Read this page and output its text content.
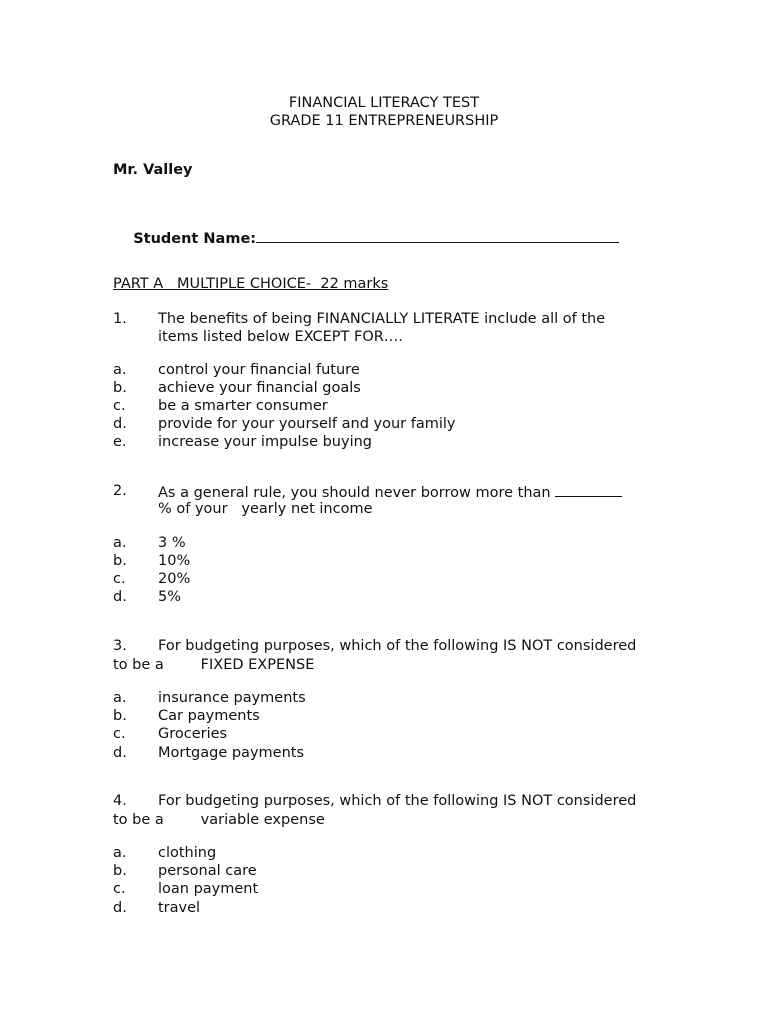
FINANCIAL LITERACY TEST
GRADE 11 ENTREPRENEURSHIP
Mr. Valley

Student Name:

PART A   MULTIPLE CHOICE-  22 marks
1. The benefits of being FINANCIALLY LITERATE include all of the
items listed below EXCEPT FOR….
a. control your financial future
b. achieve your financial goals
c. be a smarter consumer
d. provide for your yourself and your family
e. increase your impulse buying
2. As a general rule, you should never borrow more than
% of your   yearly net income
a. 3 %
b. 10%
c. 20%
d. 5%
3. For budgeting purposes, which of the following IS NOT considered
to be a        FIXED EXPENSE
a. insurance payments
b. Car payments
c. Groceries
d. Mortgage payments
4. For budgeting purposes, which of the following IS NOT considered
to be a        variable expense
a. clothing
b. personal care
c. loan payment
d. travel
